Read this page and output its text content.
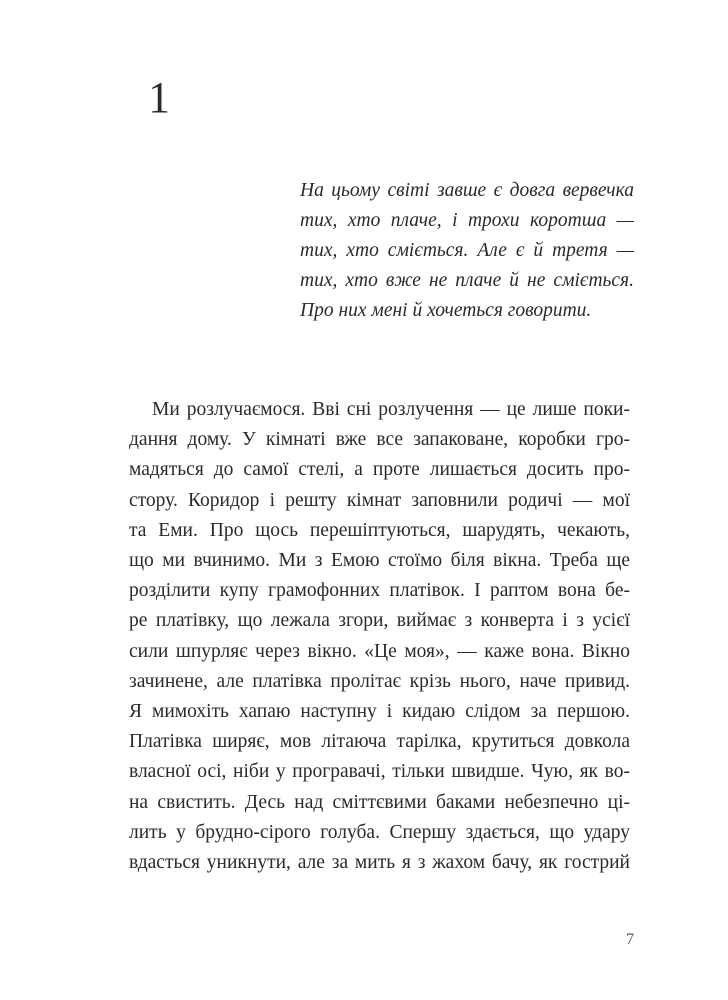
1
На цьому світі завше є довга вервечка
тих, хто плаче, і трохи коротша —
тих, хто сміється. Але є й третя —
тих, хто вже не плаче й не сміється.
Про них мені й хочеться говорити.
Ми розлучаємося. Вві сні розлучення — це лише поки-
дання дому. У кімнаті вже все запаковане, коробки гро-
мадяться до самої стелі, а проте лишається досить про-
стору. Коридор і решту кімнат заповнили родичі — мої
та Еми. Про щось перешіптуються, шарудять, чекають,
що ми вчинимо. Ми з Емою стоїмо біля вікна. Треба ще
розділити купу грамофонних платівок. І раптом вона бе-
ре платівку, що лежала згори, виймає з конверта і з усієї
сили шпурляє через вікно. «Це моя», — каже вона. Вікно
зачинене, але платівка пролітає крізь нього, наче привид.
Я мимохіть хапаю наступну і кидаю слідом за першою.
Платівка ширяє, мов літаюча тарілка, крутиться довкола
власної осі, ніби у програвачі, тільки швидше. Чую, як во-
на свистить. Десь над сміттєвими баками небезпечно ці-
лить у брудно-сірого голуба. Спершу здається, що удару
вдасться уникнути, але за мить я з жахом бачу, як гострий
7
